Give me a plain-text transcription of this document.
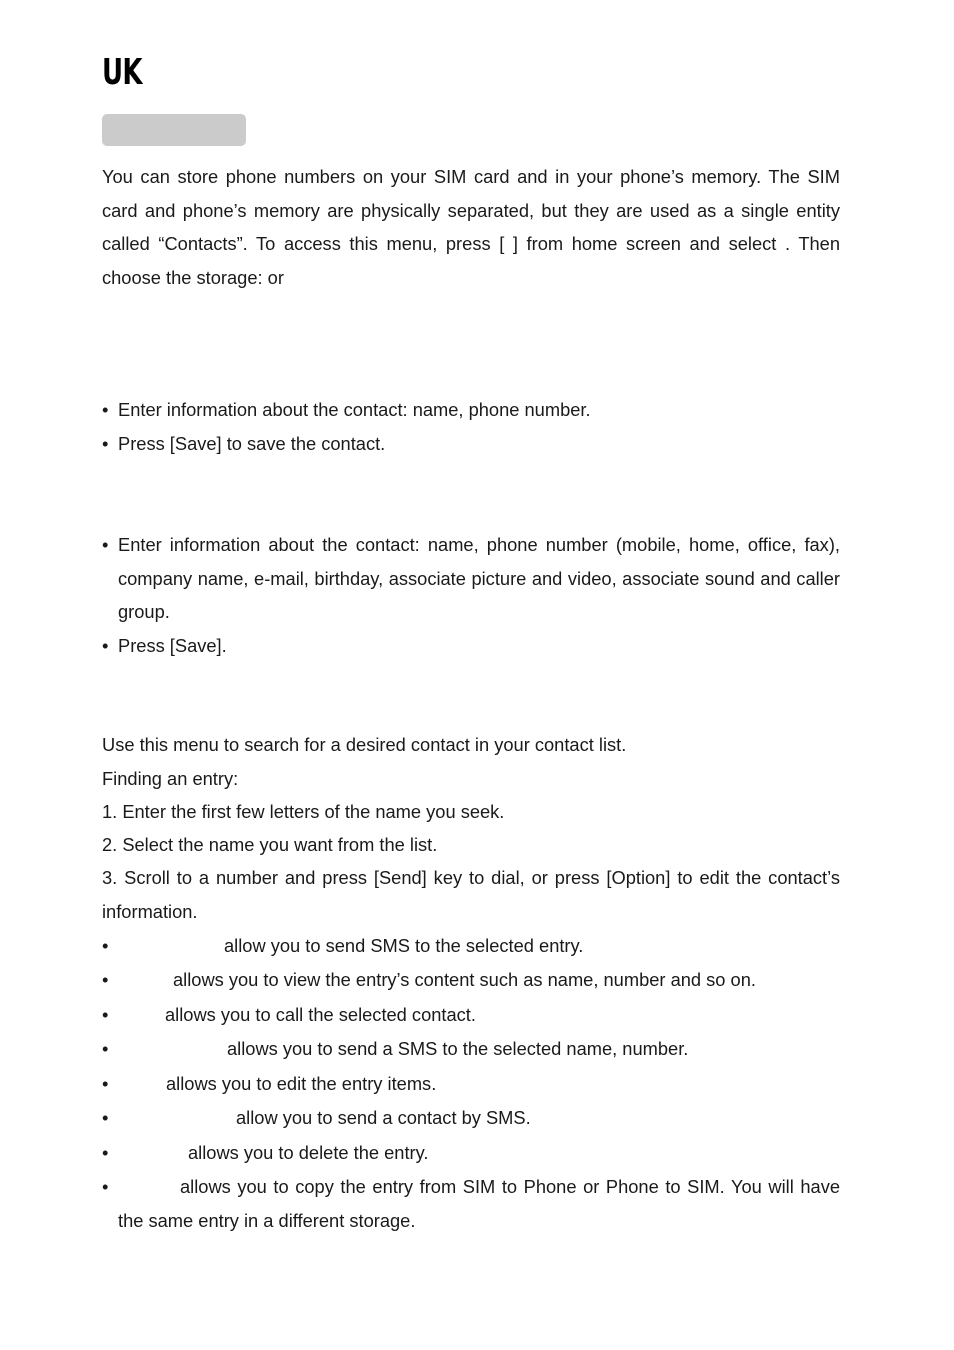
UK
You can store phone numbers on your SIM card and in your phone’s memory. The SIM card and phone’s memory are physically separated, but they are used as a single entity called “Contacts”. To access this menu, press [ ] from home screen and select . Then choose the storage: or
• Enter information about the contact: name, phone number.
• Press [Save] to save the contact.
• Enter information about the contact: name, phone number (mobile, home, office, fax), company name, e-mail, birthday, associate picture and video, associate sound and caller group.
• Press [Save].
Use this menu to search for a desired contact in your contact list.
Finding an entry:
1. Enter the first few letters of the name you seek.
2. Select the name you want from the list.
3. Scroll to a number and press [Send] key to dial, or press [Option] to edit the contact’s information.
•	allow you to send SMS to the selected entry.
•	allows you to view the entry’s content such as name, number and so on.
•	allows you to call the selected contact.
•	allows you to send a SMS to the selected name, number.
•	allows you to edit the entry items.
•	allow you to send a contact by SMS.
•	allows you to delete the entry.
•	allows you to copy the entry from SIM to Phone or Phone to SIM. You will have the same entry in a different storage.
